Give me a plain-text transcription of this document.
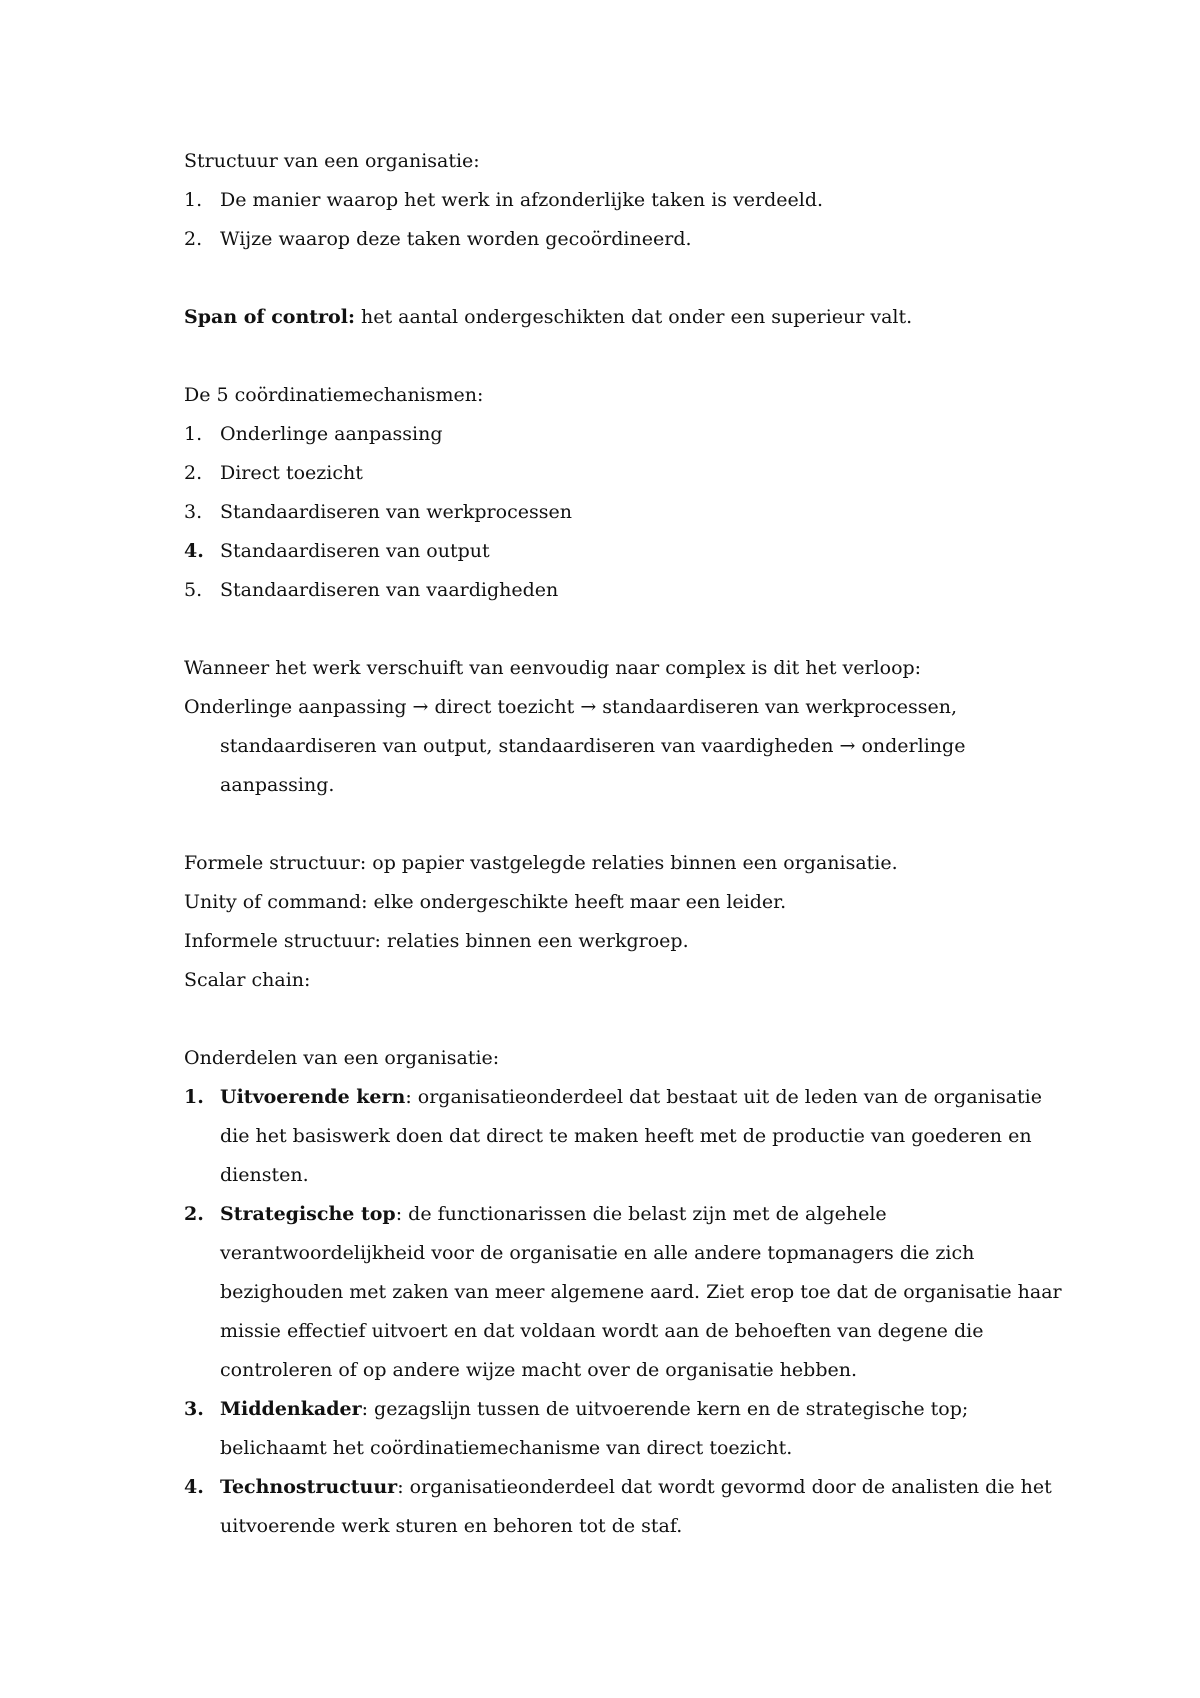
Structuur van een organisatie:

1. De manier waarop het werk in afzonderlijke taken is verdeeld.
2. Wijze waarop deze taken worden gecoördineerd.

Span of control: het aantal ondergeschikten dat onder een superieur valt.

De 5 coördinatiemechanismen:

1. Onderlinge aanpassing
2. Direct toezicht
3. Standaardiseren van werkprocessen
4. Standaardiseren van output
5. Standaardiseren van vaardigheden

Wanneer het werk verschuift van eenvoudig naar complex is dit het verloop:

Onderlinge aanpassing → direct toezicht → standaardiseren van werkprocessen, standaardiseren van output, standaardiseren van vaardigheden → onderlinge aanpassing.

Formele structuur: op papier vastgelegde relaties binnen een organisatie.

Unity of command: elke ondergeschikte heeft maar een leider.

Informele structuur: relaties binnen een werkgroep.

Scalar chain:

Onderdelen van een organisatie:

1. Uitvoerende kern: organisatieonderdeel dat bestaat uit de leden van de organisatie die het basiswerk doen dat direct te maken heeft met de productie van goederen en diensten.
2. Strategische top: de functionarissen die belast zijn met de algehele verantwoordelijkheid voor de organisatie en alle andere topmanagers die zich bezighouden met zaken van meer algemene aard. Ziet erop toe dat de organisatie haar missie effectief uitvoert en dat voldaan wordt aan de behoeften van degene die controleren of op andere wijze macht over de organisatie hebben.
3. Middenkader: gezagslijn tussen de uitvoerende kern en de strategische top; belichaamt het coördinatiemechanisme van direct toezicht.
4. Technostructuur: organisatieonderdeel dat wordt gevormd door de analisten die het uitvoerende werk sturen en behoren tot de staf.
